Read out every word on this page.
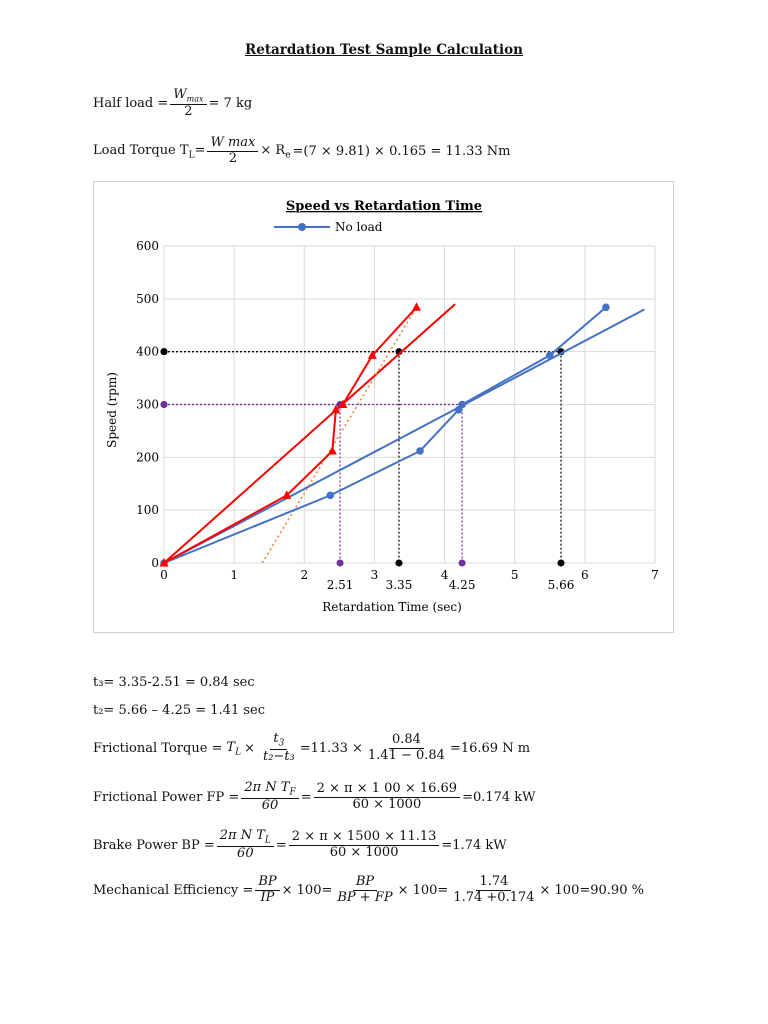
Retardation Test Sample Calculation
Half load = $\frac{W_{max}}{2} = 7$ kg
Load Torque $T_L= \frac{\text{W max}}{2} \times R_e =(7 \times 9.81) \times 0.165 = 11.33$ Nm
Speed vs Retardation Time
No load
0	1	2	3	4	5	6	7
0
100
200
300
400
500
600
2.51	3.35	4.25	5.66
Retardation Time (sec)
Speed (rpm)
t₃= 3.35-2.51 = 0.84 sec
t₂= 5.66 – 4.25 = 1.41 sec
Frictional Torque = $T_L \times \frac{t_3}{\text{t₂−t₃}} =11.33 \times \frac{0.84}{1.41 - 0.84} =16.69$ N m
Frictional Power FP = $\frac{2\pi N T_F}{60} = \frac{2 \times \pi \times 1 00 \times 16.69}{60 \times 1000} =0.174$ kW
Brake Power BP = $\frac{2\pi N T_L}{60} = \frac{2 \times \pi \times 1500 \times 11.13}{60 \times 1000} =1.74$ kW
Mechanical Efficiency = $\frac{BP}{IP} \times 100= \frac{BP}{BP + FP} \times 100= \frac{1.74}{1.74 +0.174} \times 100=90.90$ %
